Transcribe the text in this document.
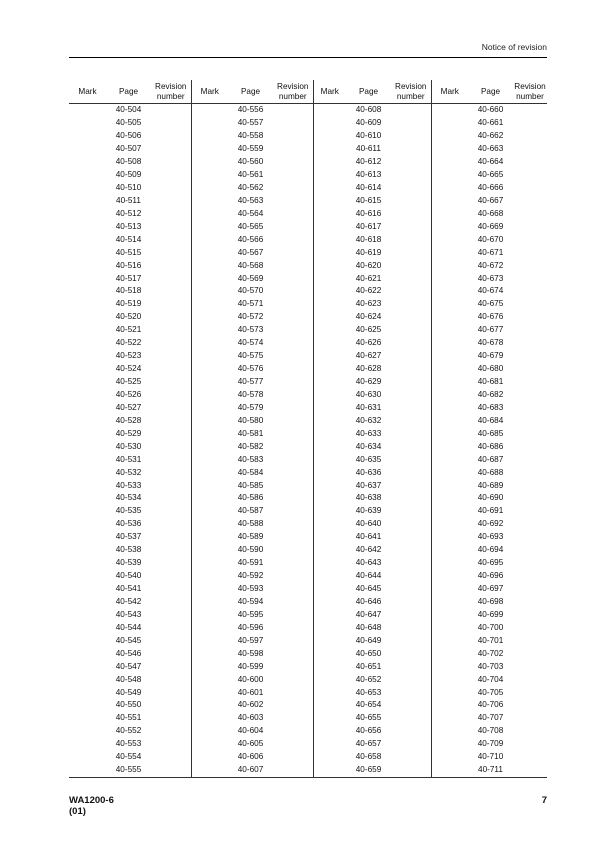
Notice of revision
Mark	Page	Revision number	Mark	Page	Revision number	Mark	Page	Revision number	Mark	Page	Revision number
	40-504			40-556			40-608			40-660	
	40-505			40-557			40-609			40-661	
	40-506			40-558			40-610			40-662	
	40-507			40-559			40-611			40-663	
	40-508			40-560			40-612			40-664	
	40-509			40-561			40-613			40-665	
	40-510			40-562			40-614			40-666	
	40-511			40-563			40-615			40-667	
	40-512			40-564			40-616			40-668	
	40-513			40-565			40-617			40-669	
	40-514			40-566			40-618			40-670	
	40-515			40-567			40-619			40-671	
	40-516			40-568			40-620			40-672	
	40-517			40-569			40-621			40-673	
	40-518			40-570			40-622			40-674	
	40-519			40-571			40-623			40-675	
	40-520			40-572			40-624			40-676	
	40-521			40-573			40-625			40-677	
	40-522			40-574			40-626			40-678	
	40-523			40-575			40-627			40-679	
	40-524			40-576			40-628			40-680	
	40-525			40-577			40-629			40-681	
	40-526			40-578			40-630			40-682	
	40-527			40-579			40-631			40-683	
	40-528			40-580			40-632			40-684	
	40-529			40-581			40-633			40-685	
	40-530			40-582			40-634			40-686	
	40-531			40-583			40-635			40-687	
	40-532			40-584			40-636			40-688	
	40-533			40-585			40-637			40-689	
	40-534			40-586			40-638			40-690	
	40-535			40-587			40-639			40-691	
	40-536			40-588			40-640			40-692	
	40-537			40-589			40-641			40-693	
	40-538			40-590			40-642			40-694	
	40-539			40-591			40-643			40-695	
	40-540			40-592			40-644			40-696	
	40-541			40-593			40-645			40-697	
	40-542			40-594			40-646			40-698	
	40-543			40-595			40-647			40-699	
	40-544			40-596			40-648			40-700	
	40-545			40-597			40-649			40-701	
	40-546			40-598			40-650			40-702	
	40-547			40-599			40-651			40-703	
	40-548			40-600			40-652			40-704	
	40-549			40-601			40-653			40-705	
	40-550			40-602			40-654			40-706	
	40-551			40-603			40-655			40-707	
	40-552			40-604			40-656			40-708	
	40-553			40-605			40-657			40-709	
	40-554			40-606			40-658			40-710	
	40-555			40-607			40-659			40-711	
WA1200-6
(01)
7
